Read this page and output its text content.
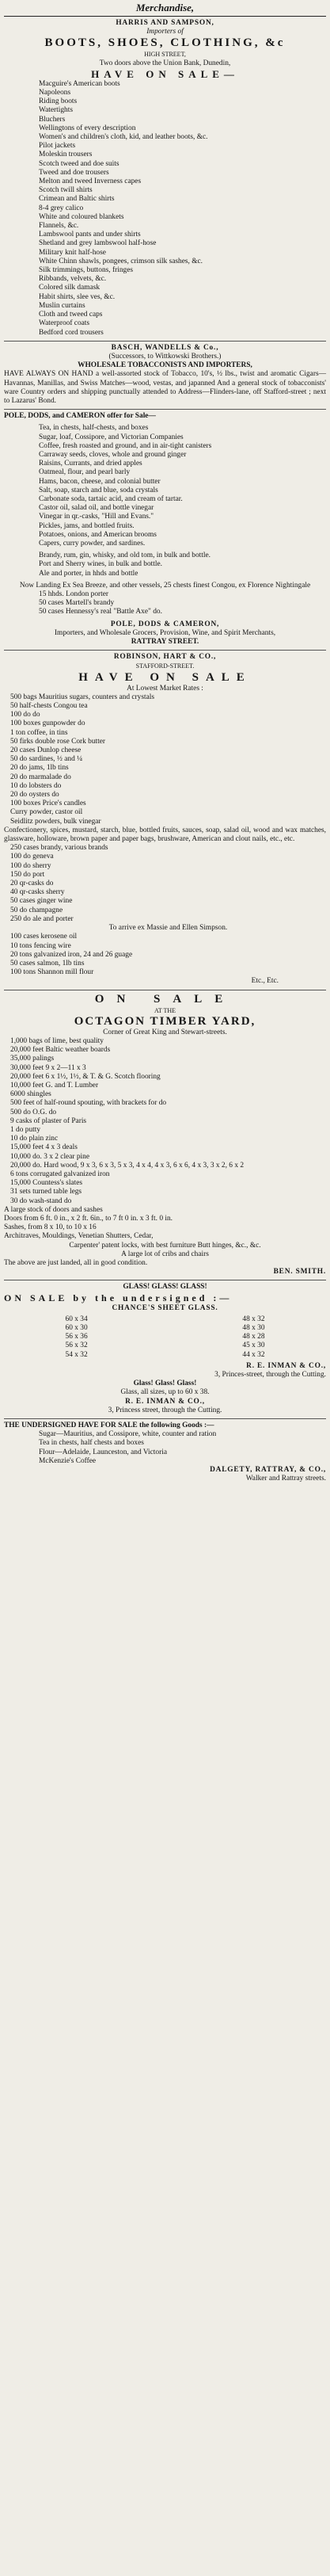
Merchandise,
HARRIS AND SAMPSON,
Importers of
BOOTS, SHOES, CLOTHING, &c
HIGH STREET,
Two doors above the Union Bank, Dunedin,
HAVE ON SALE—
Macguire's American boots
Napoleons
Riding boots
Watertights
Bluchers
Wellingtons of every description
Women's and children's cloth, kid, and leather boots, &c.
Pilot jackets
Moleskin trousers
Scotch tweed and doe suits
Tweed and doe trousers
Melton and tweed Inverness capes
Scotch twill shirts
Crimean and Baltic shirts
8-4 grey calico
White and coloured blankets
Flannels, &c.
Lambswool pants and under shirts
Shetland and grey lambswool half-hose
Military knit half-hose
White Chinn shawls, pongees, crimson silk sashes, &c.
Silk trimmings, buttons, fringes
Ribbands, velvets, &c.
Colored silk damask
Habit shirts, slee ves, &c.
Muslin curtains
Cloth and tweed caps
Waterproof coats
Bedford cord trousers
BASCH, WANDELLS & Co.,
(Successors, to Wittkowski Brothers.)
WHOLESALE TOBACCONISTS AND IMPORTERS,
HAVE ALWAYS ON HAND a well-assorted stock of Tobacco, 10's, ½ lbs., twist and aromatic Cigars—Havannas, Manillas, and Swiss Matches—wood, vestas, and japanned And a general stock of tobacconists' ware Country orders and shipping punctually attended to Address—Flinders-lane, off Stafford-street ; next to Lazarus' Bond.
POLE, DODS, and CAMERON offer for Sale—
Tea, in chests, half-chests, and boxes
Sugar, loaf, Cossipore, and Victorian Companies
Coffee, fresh roasted and ground, and in air-tight canisters
Carraway seeds, cloves, whole and ground ginger
Raisins, Currants, and dried apples
Oatmeal, flour, and pearl barly
Hams, bacon, cheese, and colonial butter
Salt, soap, starch and blue, soda crystals
Carbonate soda, tartaic acid, and cream of tartar.
Castor oil, salad oil, and bottle vinegar
Vinegar in qr.-casks, "Hill and Evans."
Pickles, jams, and bottled fruits.
Potatoes, onions, and American brooms
Capers, curry powder, and sardines.
Brandy, rum, gin, whisky, and old tom, in bulk and bottle.
Port and Sherry wines, in bulk and bottle.
Ale and porter, in hhds and bottle
Now Landing Ex Sea Breeze, and other vessels, 25 chests finest Congou, ex Florence Nightingale
15 hhds. London porter
50 cases Martell's brandy
50 cases Hennessy's real "Battle Axe" do.
POLE, DODS & CAMERON,
Importers, and Wholesale Grocers, Provision, Wine, and Spirit Merchants,
RATTRAY STREET.
ROBINSON, HART & CO.,
STAFFORD-STREET.
HAVE ON SALE
At Lowest Market Rates :
500 bags Mauritius sugars, counters and crystals
50 half-chests Congou tea
100 do do
100 boxes gunpowder do
1 ton coffee, in tins
50 firks double rose Cork butter
20 cases Dunlop cheese
50 do sardines, ½ and ¼
20 do jams, 1lb tins
20 do marmalade do
10 do lobsters do
20 do oysters do
100 boxes Price's candles
Curry powder, castor oil
Seidlitz powders, bulk vinegar
Confectionery, spices, mustard, starch, blue, bottled fruits, sauces, soap, salad oil, wood and wax matches, glassware, holloware, brown paper and paper bags, brushware, American and clout nails, etc., etc.
250 cases brandy, various brands
100 do geneva
100 do sherry
150 do port
20 qr-casks do
40 qr-casks sherry
50 cases ginger wine
50 do champagne
250 do ale and porter
To arrive ex Massie and Ellen Simpson.
100 cases kerosene oil
10 tons fencing wire
20 tons galvanized iron, 24 and 26 guage
50 cases salmon, 1lb tins
100 tons Shannon mill flour
Etc., Etc.
ON SALE
AT THE
OCTAGON TIMBER YARD,
Corner of Great King and Stewart-streets.
1,000 bags of lime, best quality
20,000 feet Baltic weather boards
35,000 palings
30,000 feet 9 x 2—11 x 3
20,000 feet 6 x 1½, 1½, & T. & G. Scotch flooring
10,000 feet G. and T. Lumber
6000 shingles
500 feet of half-round spouting, with brackets for do
500 do O.G. do
9 casks of plaster of Paris
1 do putty
10 do plain zinc
15,000 feet 4 x 3 deals
10,000 do. 3 x 2 clear pine
20,000 do. Hard wood, 9 x 3, 6 x 3, 5 x 3, 4 x 4, 4 x 3, 6 x 6, 4 x 3, 3 x 2, 6 x 2
6 tons corrugated galvanized iron
15,000 Countess's slates
31 sets turned table legs
30 do wash-stand do
A large stock of doors and sashes
Doors from 6 ft. 0 in., x 2 ft. 6in., to 7 ft 0 in. x 3 ft. 0 in.
Sashes, from 8 x 10, to 10 x 16
Architraves, Mouldings, Venetian Shutters, Cedar,
Carpenter' patent locks, with best furniture Butt hinges, &c., &c.
A large lot of cribs and chairs
The above are just landed, all in good condition.
BEN. SMITH.
GLASS! GLASS! GLASS!
ON SALE by the undersigned :—
CHANCE'S SHEET GLASS.
60 x 34	48 x 32
60 x 30	48 x 30
56 x 36	48 x 28
56 x 32	45 x 30
54 x 32	44 x 32
R. E. INMAN & CO.,
3, Princes-street, through the Cutting.
Glass! Glass! Glass!
Glass, all sizes, up to 60 x 38.
R. E. INMAN & CO.,
3, Princess street, through the Cutting.
THE UNDERSIGNED HAVE FOR SALE the following Goods :—
Sugar—Mauritius, and Cossipore, white, counter and ration
Tea in chests, half chests and boxes
Flour—Adelaide, Launceston, and Victoria
McKenzie's Coffee
DALGETY, RATTRAY, & CO.,
Walker and Rattray streets.
